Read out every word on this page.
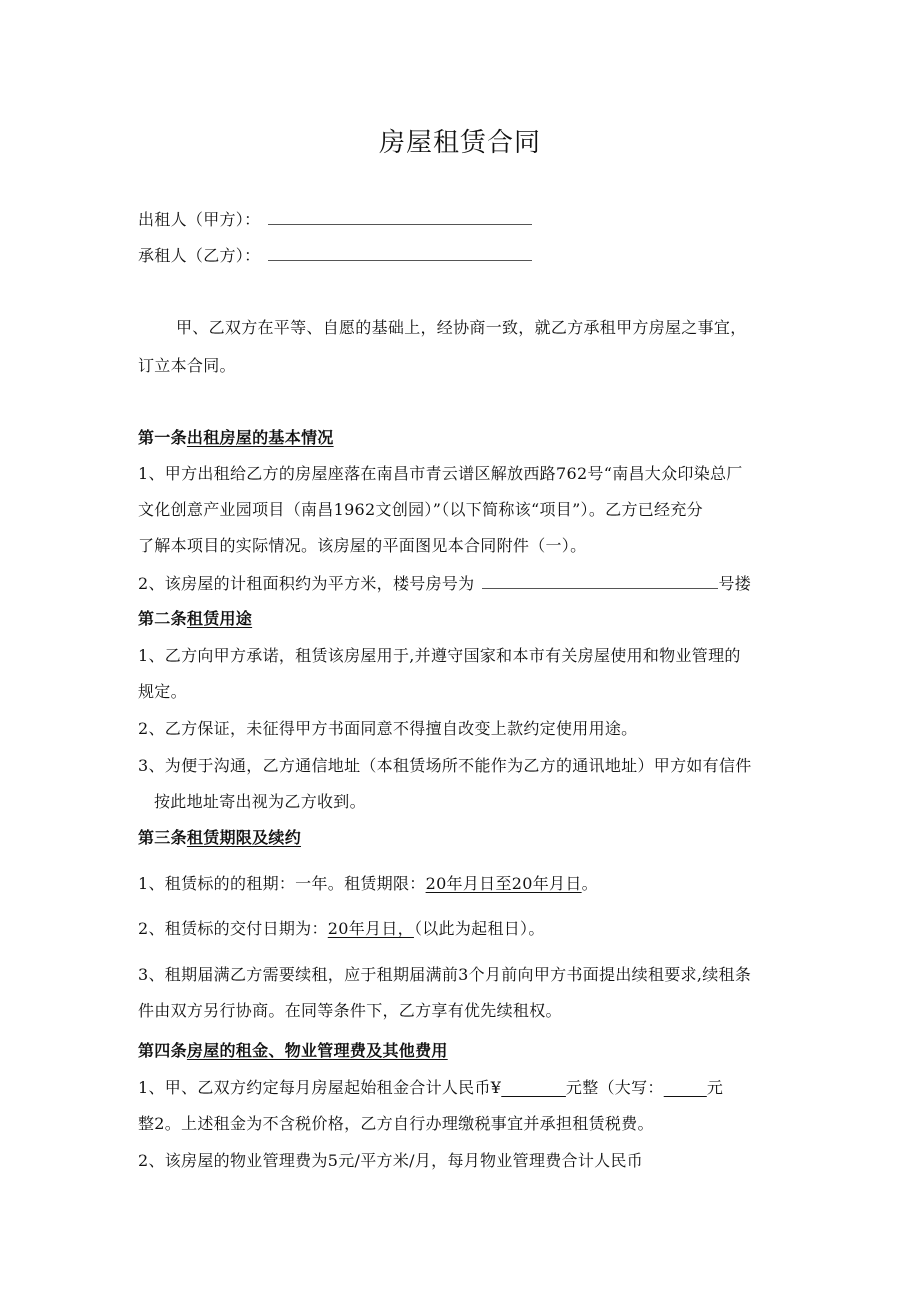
房屋租赁合同
出租人（甲方）：
承租人（乙方）：
甲、乙双方在平等、自愿的基础上，经协商一致，就乙方承租甲方房屋之事宜，
订立本合同。
第一条出租房屋的基本情况
1、甲方出租给乙方的房屋座落在南昌市青云谱区解放西路762号“南昌大众印染总厂
文化创意产业园项目（南昌1962文创园）”（以下简称该“项目”）。乙方已经充分
了解本项目的实际情况。该房屋的平面图见本合同附件（一）。
2、该房屋的计租面积约为平方米，楼号房号为	号搂
第二条租赁用途
1、乙方向甲方承诺，租赁该房屋用于,并遵守国家和本市有关房屋使用和物业管理的
规定。
2、乙方保证，未征得甲方书面同意不得擅自改变上款约定使用用途。
3、为便于沟通，乙方通信地址（本租赁场所不能作为乙方的通讯地址）甲方如有信件
按此地址寄出视为乙方收到。
第三条租赁期限及续约
1、租赁标的的租期：一年。租赁期限：20年月日至20年月日。
2、租赁标的交付日期为：20年月日，（以此为起租日）。
3、租期届满乙方需要续租，应于租期届满前3个月前向甲方书面提出续租要求,续租条
件由双方另行协商。在同等条件下，乙方享有优先续租权。
第四条房屋的租金、物业管理费及其他费用
1、甲、乙双方约定每月房屋起始租金合计人民币¥	元整（大写：	元
整2。上述租金为不含税价格，乙方自行办理缴税事宜并承担租赁税费。
2、该房屋的物业管理费为5元/平方米/月，每月物业管理费合计人民币
